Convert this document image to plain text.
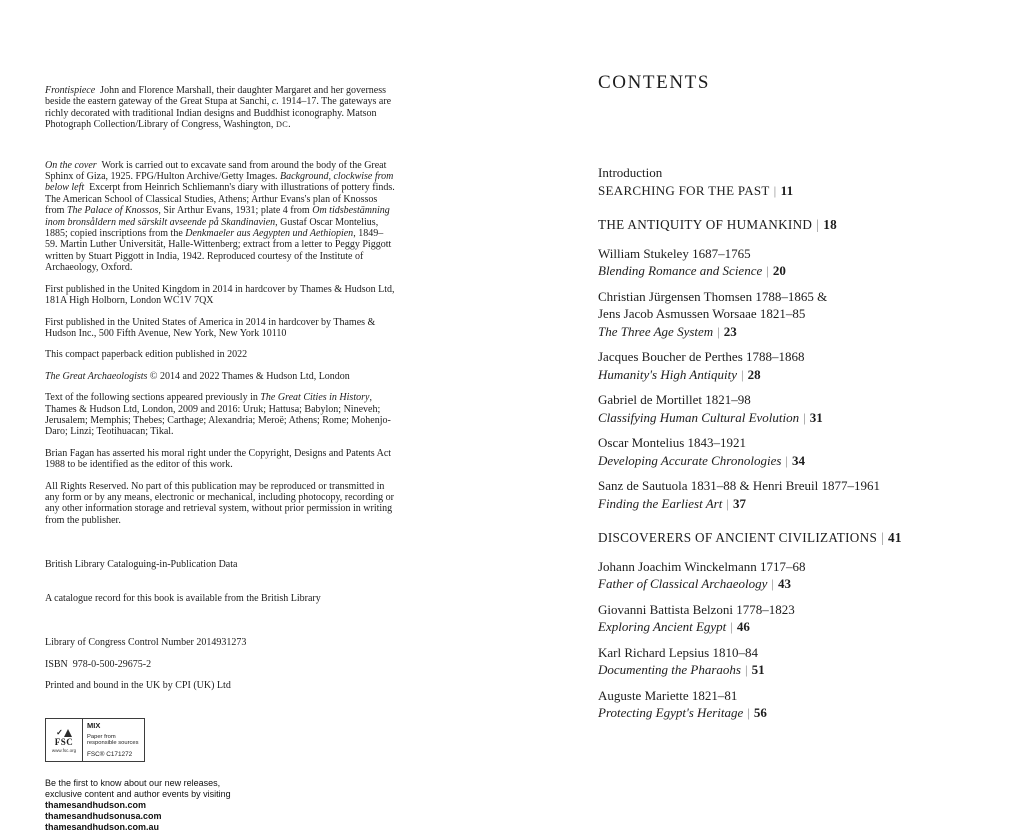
Frontispiece  John and Florence Marshall, their daughter Margaret and her governess beside the eastern gateway of the Great Stupa at Sanchi, c. 1914–17. The gateways are richly decorated with traditional Indian designs and Buddhist iconography. Matson Photograph Collection/Library of Congress, Washington, DC.

On the cover  Work is carried out to excavate sand from around the body of the Great Sphinx of Giza, 1925. FPG/Hulton Archive/Getty Images. Background, clockwise from below left  Excerpt from Heinrich Schliemann's diary with illustrations of pottery finds. The American School of Classical Studies, Athens; Arthur Evans's plan of Knossos from The Palace of Knossos, Sir Arthur Evans, 1931; plate 4 from Om tidsbestämning inom bronsåldern med särskilt avseende på Skandinavien, Gustaf Oscar Montelius, 1885; copied inscriptions from the Denkmaeler aus Aegypten und Aethiopien, 1849–59. Martin Luther Universität, Halle-Wittenberg; extract from a letter to Peggy Piggott written by Stuart Piggott in India, 1942. Reproduced courtesy of the Institute of Archaeology, Oxford.

First published in the United Kingdom in 2014 in hardcover by Thames & Hudson Ltd, 181A High Holborn, London WC1V 7QX

First published in the United States of America in 2014 in hardcover by Thames & Hudson Inc., 500 Fifth Avenue, New York, New York 10110

This compact paperback edition published in 2022

The Great Archaeologists © 2014 and 2022 Thames & Hudson Ltd, London

Text of the following sections appeared previously in The Great Cities in History, Thames & Hudson Ltd, London, 2009 and 2016: Uruk; Hattusa; Babylon; Nineveh; Jerusalem; Memphis; Thebes; Carthage; Alexandria; Meroë; Athens; Rome; Mohenjo-Daro; Linzi; Teotihuacan; Tikal.

Brian Fagan has asserted his moral right under the Copyright, Designs and Patents Act 1988 to be identified as the editor of this work.

All Rights Reserved. No part of this publication may be reproduced or transmitted in any form or by any means, electronic or mechanical, including photocopy, recording or any other information storage and retrieval system, without prior permission in writing from the publisher.

British Library Cataloguing-in-Publication Data

A catalogue record for this book is available from the British Library

Library of Congress Control Number 2014931273

ISBN  978-0-500-29675-2

Printed and bound in the UK by CPI (UK) Ltd

✓
FSC
www.fsc.org
MIX
Paper from responsible sources
FSC® C171272
Be the first to know about our new releases,
exclusive content and author events by visiting
thamesandhudson.com
thamesandhudsonusa.com
thamesandhudson.com.au
CONTENTS
Introduction
SEARCHING FOR THE PAST | 11
THE ANTIQUITY OF HUMANKIND | 18
William Stukeley 1687–1765
Blending Romance and Science | 20
Christian Jürgensen Thomsen 1788–1865 &
Jens Jacob Asmussen Worsaae 1821–85
The Three Age System | 23
Jacques Boucher de Perthes 1788–1868
Humanity's High Antiquity | 28
Gabriel de Mortillet 1821–98
Classifying Human Cultural Evolution | 31
Oscar Montelius 1843–1921
Developing Accurate Chronologies | 34
Sanz de Sautuola 1831–88 & Henri Breuil 1877–1961
Finding the Earliest Art | 37
DISCOVERERS OF ANCIENT CIVILIZATIONS | 41
Johann Joachim Winckelmann 1717–68
Father of Classical Archaeology | 43
Giovanni Battista Belzoni 1778–1823
Exploring Ancient Egypt | 46
Karl Richard Lepsius 1810–84
Documenting the Pharaohs | 51
Auguste Mariette 1821–81
Protecting Egypt's Heritage | 56
